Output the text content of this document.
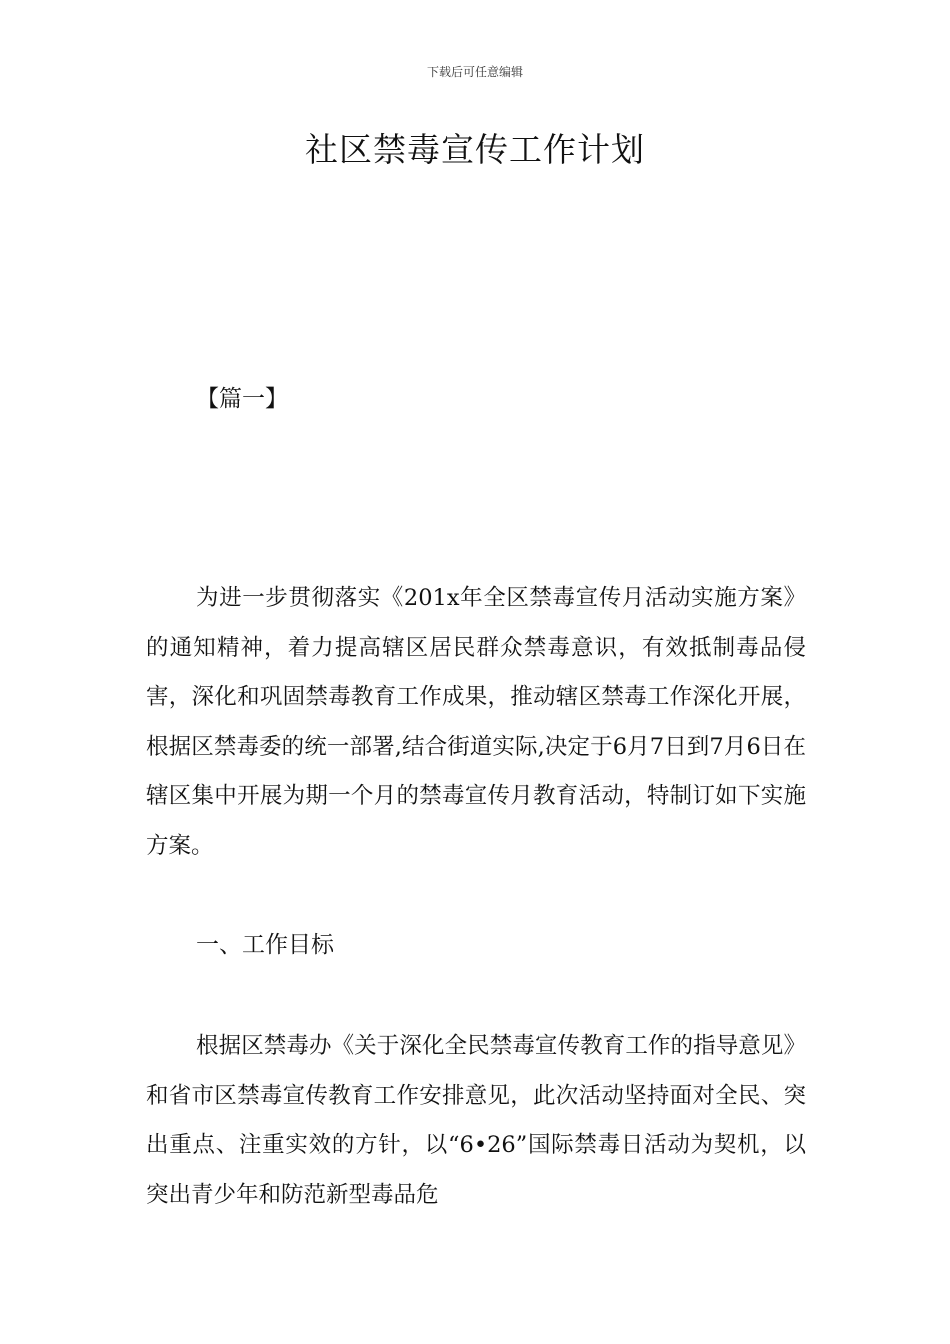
下载后可任意编辑
社区禁毒宣传工作计划
【篇一】

为进一步贯彻落实《201x年全区禁毒宣传月活动实施方案》的通知精神，着力提高辖区居民群众禁毒意识，有效抵制毒品侵害，深化和巩固禁毒教育工作成果，推动辖区禁毒工作深化开展，根据区禁毒委的统一部署,结合街道实际,决定于6月7日到7月6日在辖区集中开展为期一个月的禁毒宣传月教育活动，特制订如下实施方案。

一、工作目标

根据区禁毒办《关于深化全民禁毒宣传教育工作的指导意见》和省市区禁毒宣传教育工作安排意见，此次活动坚持面对全民、突出重点、注重实效的方针，以“6•26”国际禁毒日活动为契机，以突出青少年和防范新型毒品危
